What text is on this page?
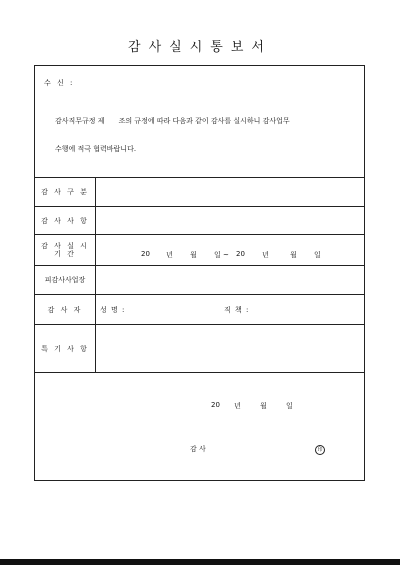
감사실시통보서
수 신 :
감사직무규정 제 조의 규정에 따라 다음과 같이 감사를 실시하니 감사업무
수행에 적극 협력바랍니다.
감 사 구 분
감 사 사 항
감 사 실 시
기 간	20 년 월 일 ~ 20 년	월 일
피감사사업장
감 사 자	성 명 :	직 책 :
특 기 사 항
20 년	월	일
감 사	印
